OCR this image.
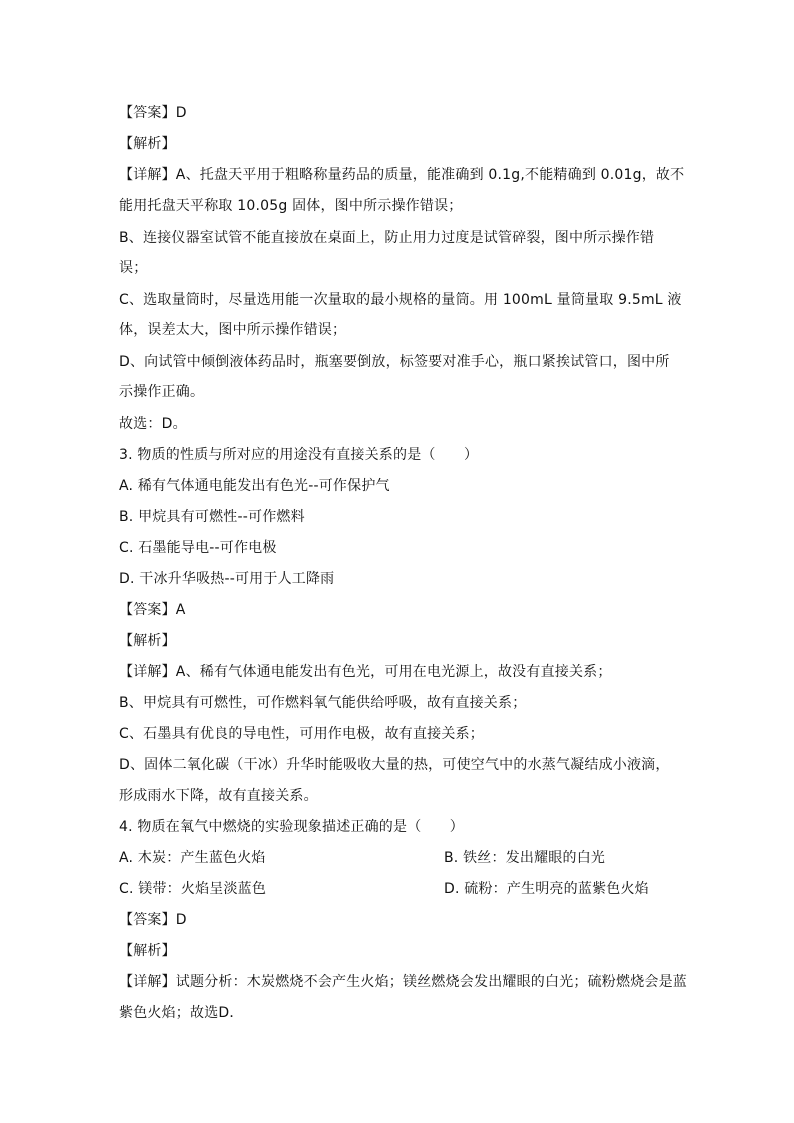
【答案】D
【解析】
【详解】A、托盘天平用于粗略称量药品的质量，能准确到 0.1g,不能精确到 0.01g，故不
能用托盘天平称取 10.05g 固体，图中所示操作错误；
B、连接仪器室试管不能直接放在桌面上，防止用力过度是试管碎裂，图中所示操作错
误；
C、选取量筒时，尽量选用能一次量取的最小规格的量筒。用 100mL 量筒量取 9.5mL 液
体，误差太大，图中所示操作错误；
D、向试管中倾倒液体药品时，瓶塞要倒放，标签要对准手心，瓶口紧挨试管口，图中所
示操作正确。
故选：D。
3. 物质的性质与所对应的用途没有直接关系的是（　　）
A. 稀有气体通电能发出有色光--可作保护气
B. 甲烷具有可燃性--可作燃料
C. 石墨能导电--可作电极
D. 干冰升华吸热--可用于人工降雨
【答案】A
【解析】
【详解】A、稀有气体通电能发出有色光，可用在电光源上，故没有直接关系；
B、甲烷具有可燃性，可作燃料氧气能供给呼吸，故有直接关系；
C、石墨具有优良的导电性，可用作电极，故有直接关系；
D、固体二氧化碳（干冰）升华时能吸收大量的热，可使空气中的水蒸气凝结成小液滴，
形成雨水下降，故有直接关系。
4. 物质在氧气中燃烧的实验现象描述正确的是（　　）
A. 木炭：产生蓝色火焰	B. 铁丝：发出耀眼的白光
C. 镁带：火焰呈淡蓝色	D. 硫粉：产生明亮的蓝紫色火焰
【答案】D
【解析】
【详解】试题分析：木炭燃烧不会产生火焰；镁丝燃烧会发出耀眼的白光；硫粉燃烧会是蓝
紫色火焰；故选D．
